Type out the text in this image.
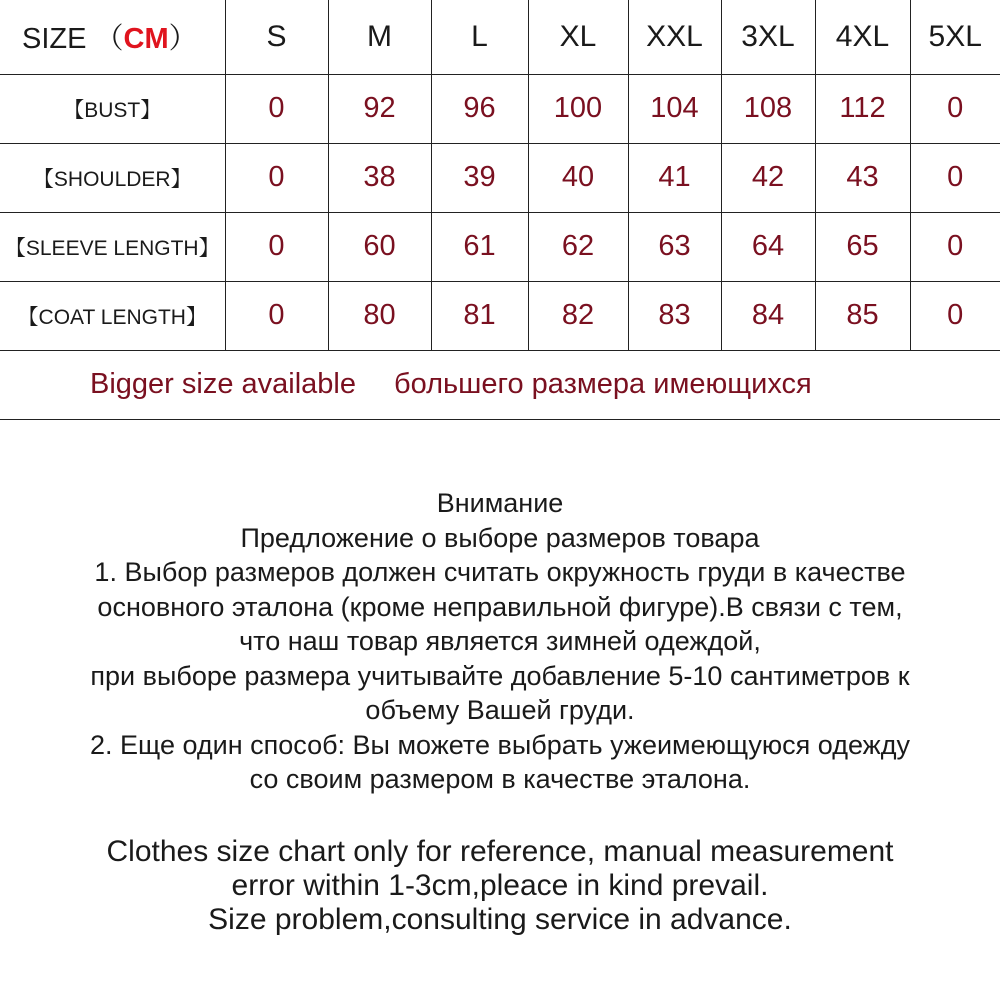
SIZE （CM）	S	M	L	XL	XXL	3XL	4XL	5XL
【BUST】	0	92	96	100	104	108	112	0
【SHOULDER】	0	38	39	40	41	42	43	0
【SLEEVE LENGTH】	0	60	61	62	63	64	65	0
【COAT LENGTH】	0	80	81	82	83	84	85	0
Bigger size available большего размера имеющихся								
Внимание
Предложение о выборе размеров товара
1. Выбор размеров должен считать окружность груди в качестве
основного эталона (кроме неправильной фигуре).В связи с тем,
что наш товар является зимней одеждой,
при выборе размера учитывайте добавление 5-10 сантиметров к
объему Вашей груди.
2. Еще один способ: Вы можете выбрать ужеимеющуюся одежду
со своим размером в качестве эталона.
Clothes size chart only for reference, manual measurement
error within 1-3cm,pleace in kind prevail.
Size problem,consulting service in advance.
